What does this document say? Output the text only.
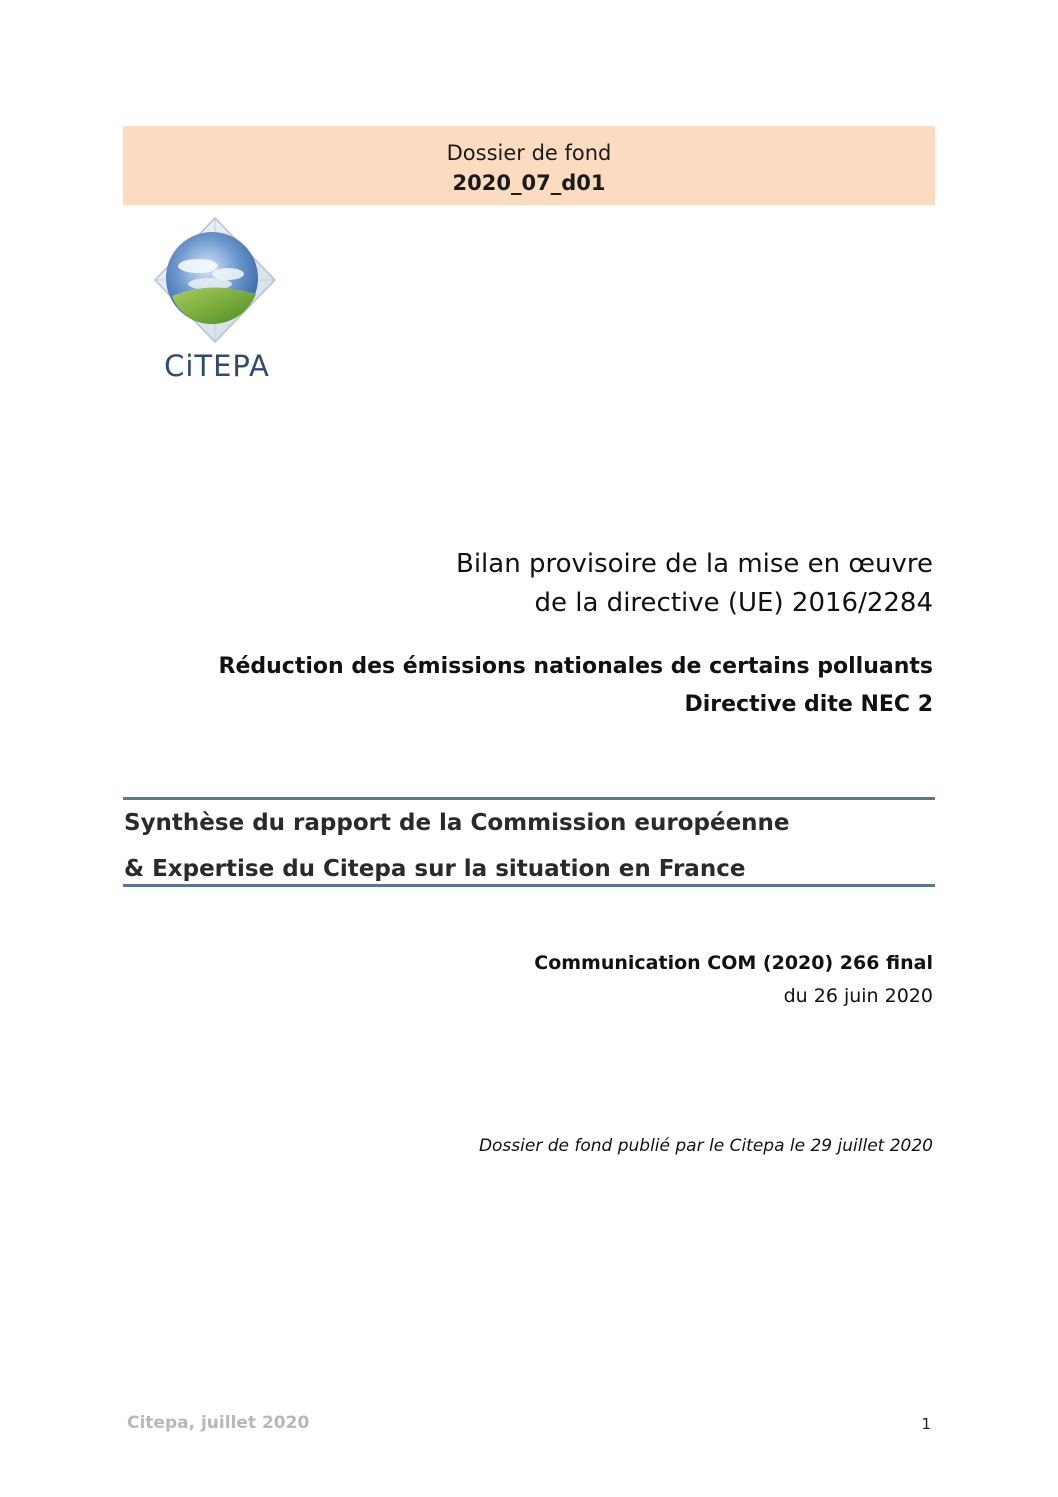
Dossier de fond
2020_07_d01
CiTEPA
Bilan provisoire de la mise en œuvre
de la directive (UE) 2016/2284
Réduction des émissions nationales de certains polluants
Directive dite NEC 2
Synthèse du rapport de la Commission européenne
& Expertise du Citepa sur la situation en France
Communication COM (2020) 266 final
du 26 juin 2020
Dossier de fond publié par le Citepa le 29 juillet 2020
Citepa, juillet 2020	1
